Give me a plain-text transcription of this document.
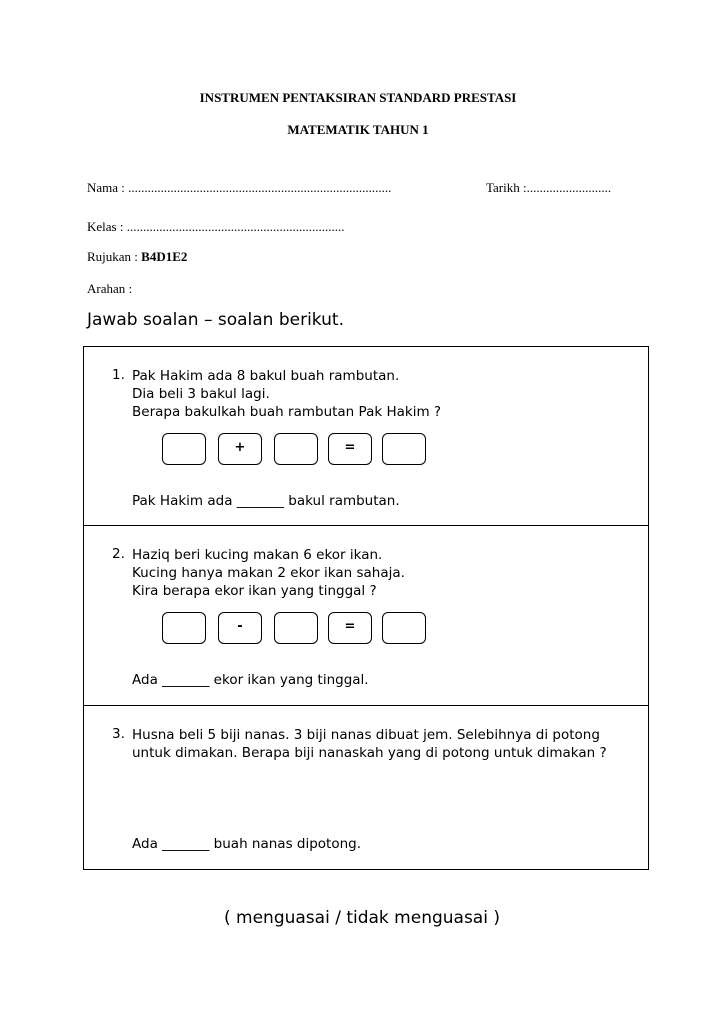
INSTRUMEN PENTAKSIRAN STANDARD PRESTASI
MATEMATIK TAHUN 1
Nama : .................................................................................	Tarikh :..........................
Kelas : ...................................................................
Rujukan : B4D1E2
Arahan :
Jawab soalan – soalan berikut.
1. Pak Hakim ada 8 bakul buah rambutan.
Dia beli 3 bakul lagi.
Berapa bakulkah buah rambutan Pak Hakim ?
+	=
Pak Hakim ada _______ bakul rambutan.
2. Haziq beri kucing makan 6 ekor ikan.
Kucing hanya makan 2 ekor ikan sahaja.
Kira berapa ekor ikan yang tinggal ?
-	=
Ada _______ ekor ikan yang tinggal.
3. Husna beli 5 biji nanas. 3 biji nanas dibuat jem. Selebihnya di potong
untuk dimakan. Berapa biji nanaskah yang di potong untuk dimakan ?
Ada _______ buah nanas dipotong.
( menguasai / tidak menguasai )
